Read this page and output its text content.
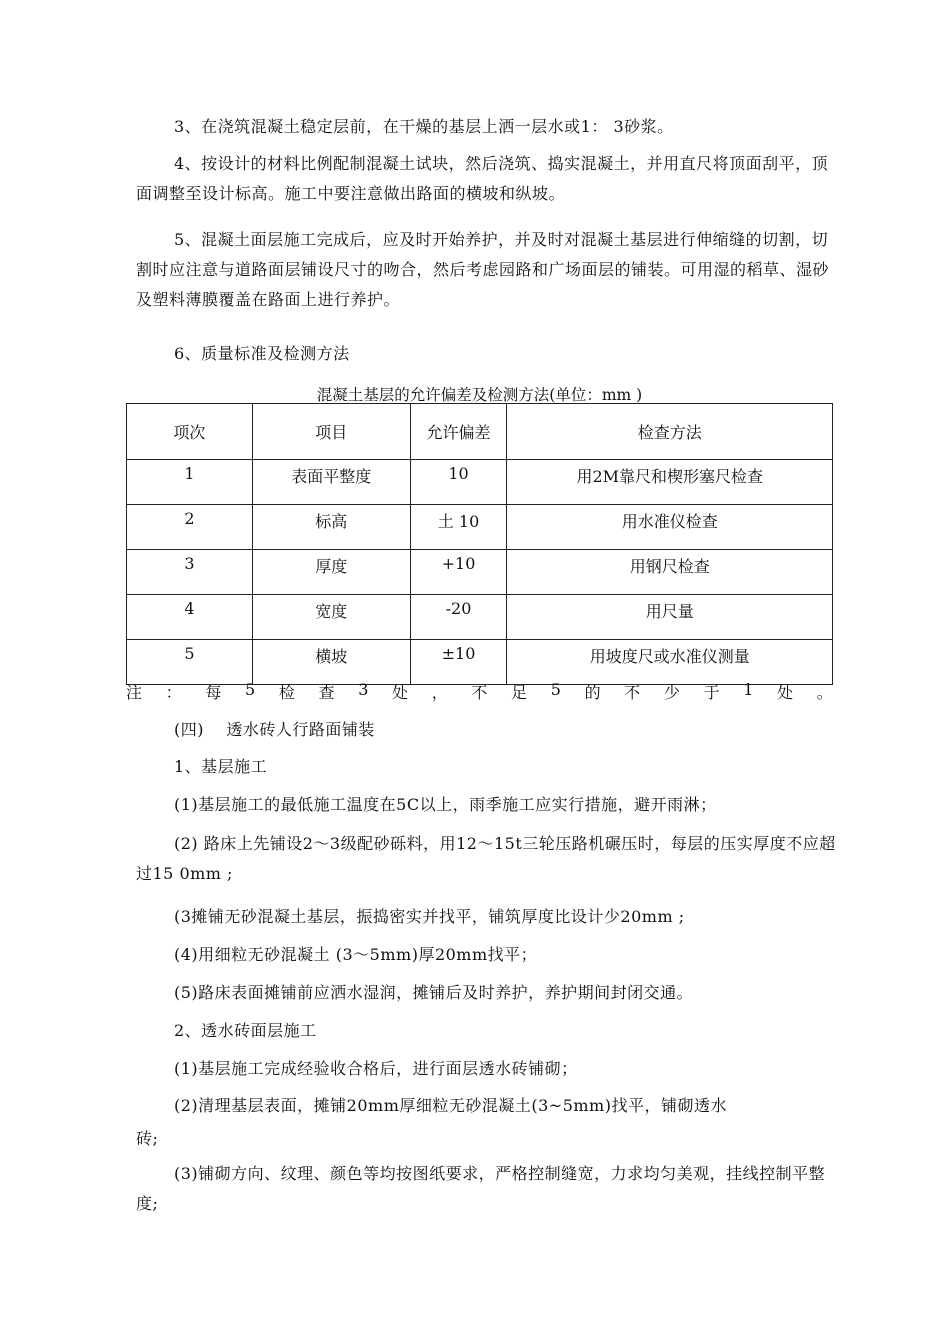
3、在浇筑混凝土稳定层前，在干燥的基层上洒一层水或1： 3砂浆。

4、按设计的材料比例配制混凝土试块，然后浇筑、捣实混凝土，并用直尺将顶面刮平，顶面调整至设计标高。施工中要注意做出路面的横坡和纵坡。

5、混凝土面层施工完成后，应及时开始养护，并及时对混凝土基层进行伸缩缝的切割，切割时应注意与道路面层铺设尺寸的吻合，然后考虑园路和广场面层的铺装。可用湿的稻草、湿砂及塑料薄膜覆盖在路面上进行养护。

6、质量标准及检测方法

混凝土基层的允许偏差及检测方法(单位：mm )
项次	项目	允许偏差	检查方法
1	表面平整度	10	用2M靠尺和楔形塞尺检查
2	标高	土 10	用水准仪检查
3	厚度	+10	用钢尺检查
4	宽度	-20	用尺量
5	横坡	±10	用坡度尺或水准仪测量
注 ： 每 5 检 查 3 处 ， 不 足 5 的 不 少 于 1 处 。

(四)    透水砖人行路面铺装

1、基层施工

(1)基层施工的最低施工温度在5C以上，雨季施工应实行措施，避开雨淋；

(2) 路床上先铺设2〜3级配砂砾料，用12〜15t三轮压路机碾压时，每层的压实厚度不应超过15 0mm ;

(3摊铺无砂混凝土基层，振捣密实并找平，铺筑厚度比设计少20mm ;

(4)用细粒无砂混凝土 (3〜5mm)厚20mm找平；

(5)路床表面摊铺前应洒水湿润，摊铺后及时养护，养护期间封闭交通。

2、透水砖面层施工

(1)基层施工完成经验收合格后，进行面层透水砖铺砌；

(2)清理基层表面，摊铺20mm厚细粒无砂混凝土(3~5mm)找平，铺砌透水

砖;

(3)铺砌方向、纹理、颜色等均按图纸要求，严格控制缝宽，力求均匀美观，挂线控制平整度;
